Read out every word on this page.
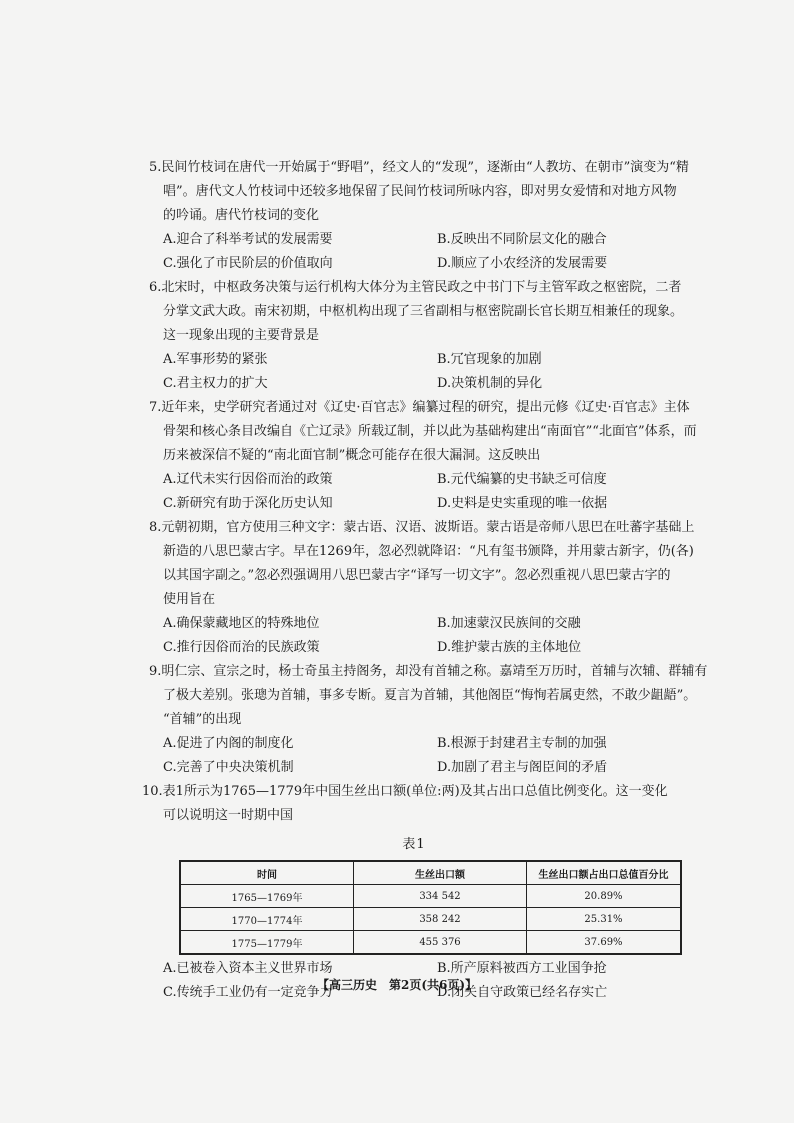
5.民间竹枝词在唐代一开始属于“野唱”，经文人的“发现”，逐渐由“人教坊、在朝市”演变为“精
唱”。唐代文人竹枝词中还较多地保留了民间竹枝词所咏内容，即对男女爱情和对地方风物
的吟诵。唐代竹枝词的变化
A.迎合了科举考试的发展需要	B.反映出不同阶层文化的融合
C.强化了市民阶层的价值取向	D.顺应了小农经济的发展需要
6.北宋时，中枢政务决策与运行机构大体分为主管民政之中书门下与主管军政之枢密院，二者
分掌文武大政。南宋初期，中枢机构出现了三省副相与枢密院副长官长期互相兼任的现象。
这一现象出现的主要背景是
A.军事形势的紧张	B.冗官现象的加剧
C.君主权力的扩大	D.决策机制的异化
7.近年来，史学研究者通过对《辽史·百官志》编纂过程的研究，提出元修《辽史·百官志》主体
骨架和核心条目改编自《亡辽录》所载辽制，并以此为基础构建出“南面官”“北面官”体系，而
历来被深信不疑的“南北面官制”概念可能存在很大漏洞。这反映出
A.辽代未实行因俗而治的政策	B.元代编纂的史书缺乏可信度
C.新研究有助于深化历史认知	D.史料是史实重现的唯一依据
8.元朝初期，官方使用三种文字：蒙古语、汉语、波斯语。蒙古语是帝师八思巴在吐蕃字基础上
新造的八思巴蒙古字。早在1269年，忽必烈就降诏：“凡有玺书颁降，并用蒙古新字，仍(各)
以其国字副之。”忽必烈强调用八思巴蒙古字“译写一切文字”。忽必烈重视八思巴蒙古字的
使用旨在
A.确保蒙藏地区的特殊地位	B.加速蒙汉民族间的交融
C.推行因俗而治的民族政策	D.维护蒙古族的主体地位
9.明仁宗、宣宗之时，杨士奇虽主持阁务，却没有首辅之称。嘉靖至万历时，首辅与次辅、群辅有
了极大差别。张璁为首辅，事多专断。夏言为首辅，其他阁臣“悔恂若属吏然，不敢少龃龉”。
“首辅”的出现
A.促进了内阁的制度化	B.根源于封建君主专制的加强
C.完善了中央决策机制	D.加剧了君主与阁臣间的矛盾
10.表1所示为1765—1779年中国生丝出口额(单位:两)及其占出口总值比例变化。这一变化
可以说明这一时期中国
表1
时间	生丝出口额	生丝出口额占出口总值百分比
1765—1769年	334 542	20.89%
1770—1774年	358 242	25.31%
1775—1779年	455 376	37.69%
A.已被卷入资本主义世界市场	B.所产原料被西方工业国争抢
C.传统手工业仍有一定竞争力	D.闭关自守政策已经名存实亡
【高三历史　第2页(共6页)】
